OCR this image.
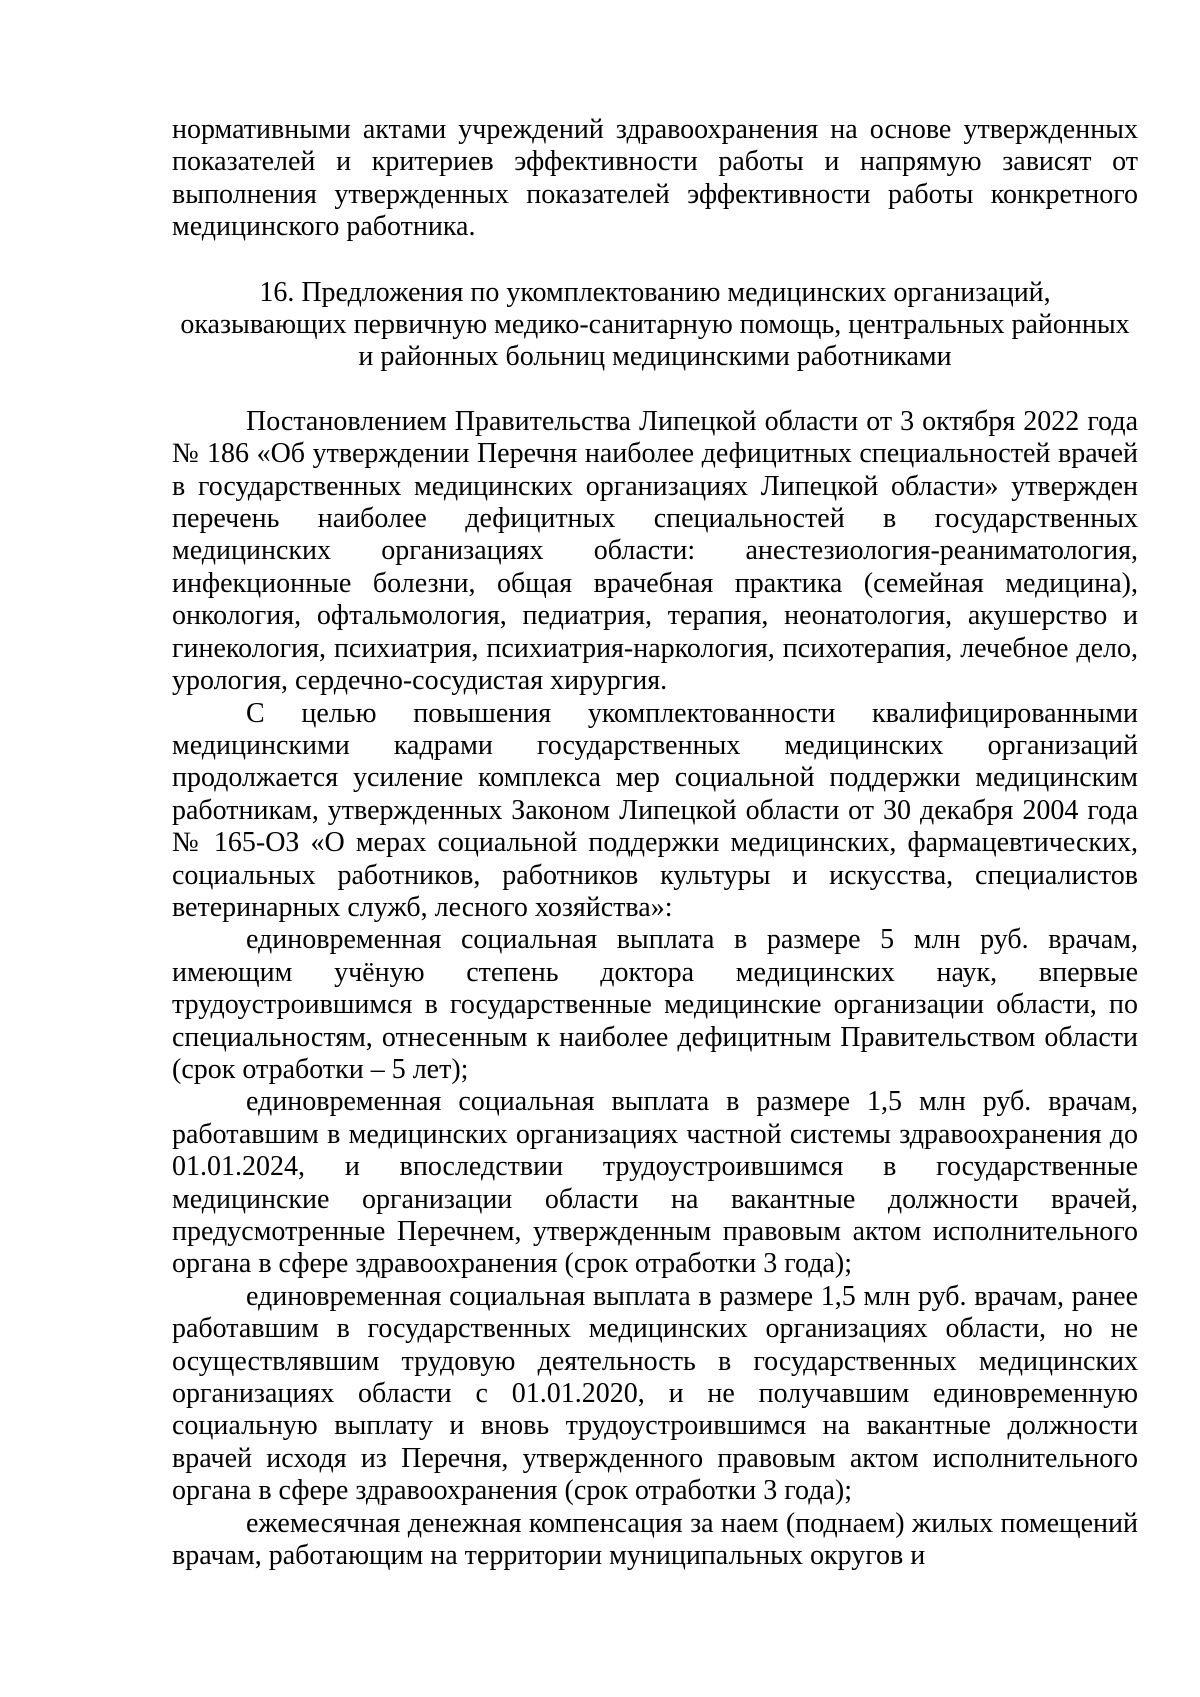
нормативными актами учреждений здравоохранения на основе утвержденных показателей и критериев эффективности работы и напрямую зависят от выполнения утвержденных показателей эффективности работы конкретного медицинского работника.

16. Предложения по укомплектованию медицинских организаций,
оказывающих первичную медико-санитарную помощь, центральных районных
и районных больниц медицинскими работниками

Постановлением Правительства Липецкой области от 3 октября 2022 года № 186 «Об утверждении Перечня наиболее дефицитных специальностей врачей в государственных медицинских организациях Липецкой области» утвержден перечень наиболее дефицитных специальностей в государственных медицинских организациях области: анестезиология-реаниматология, инфекционные болезни, общая врачебная практика (семейная медицина), онкология, офтальмология, педиатрия, терапия, неонатология, акушерство и гинекология, психиатрия, психиатрия-наркология, психотерапия, лечебное дело, урология, сердечно-сосудистая хирургия.

С целью повышения укомплектованности квалифицированными медицинскими кадрами государственных медицинских организаций продолжается усиление комплекса мер социальной поддержки медицинским работникам, утвержденных Законом Липецкой области от 30 декабря 2004 года № 165-ОЗ «О мерах социальной поддержки медицинских, фармацевтических, социальных работников, работников культуры и искусства, специалистов ветеринарных служб, лесного хозяйства»:

единовременная социальная выплата в размере 5 млн руб. врачам, имеющим учёную степень доктора медицинских наук, впервые трудоустроившимся в государственные медицинские организации области, по специальностям, отнесенным к наиболее дефицитным Правительством области (срок отработки – 5 лет);

единовременная социальная выплата в размере 1,5 млн руб. врачам, работавшим в медицинских организациях частной системы здравоохранения до 01.01.2024, и впоследствии трудоустроившимся в государственные медицинские организации области на вакантные должности врачей, предусмотренные Перечнем, утвержденным правовым актом исполнительного органа в сфере здравоохранения (срок отработки 3 года);

единовременная социальная выплата в размере 1,5 млн руб. врачам, ранее работавшим в государственных медицинских организациях области, но не осуществлявшим трудовую деятельность в государственных медицинских организациях области с 01.01.2020, и не получавшим единовременную социальную выплату и вновь трудоустроившимся на вакантные должности врачей исходя из Перечня, утвержденного правовым актом исполнительного органа в сфере здравоохранения (срок отработки 3 года);

ежемесячная денежная компенсация за наем (поднаем) жилых помещений врачам, работающим на территории муниципальных округов и
